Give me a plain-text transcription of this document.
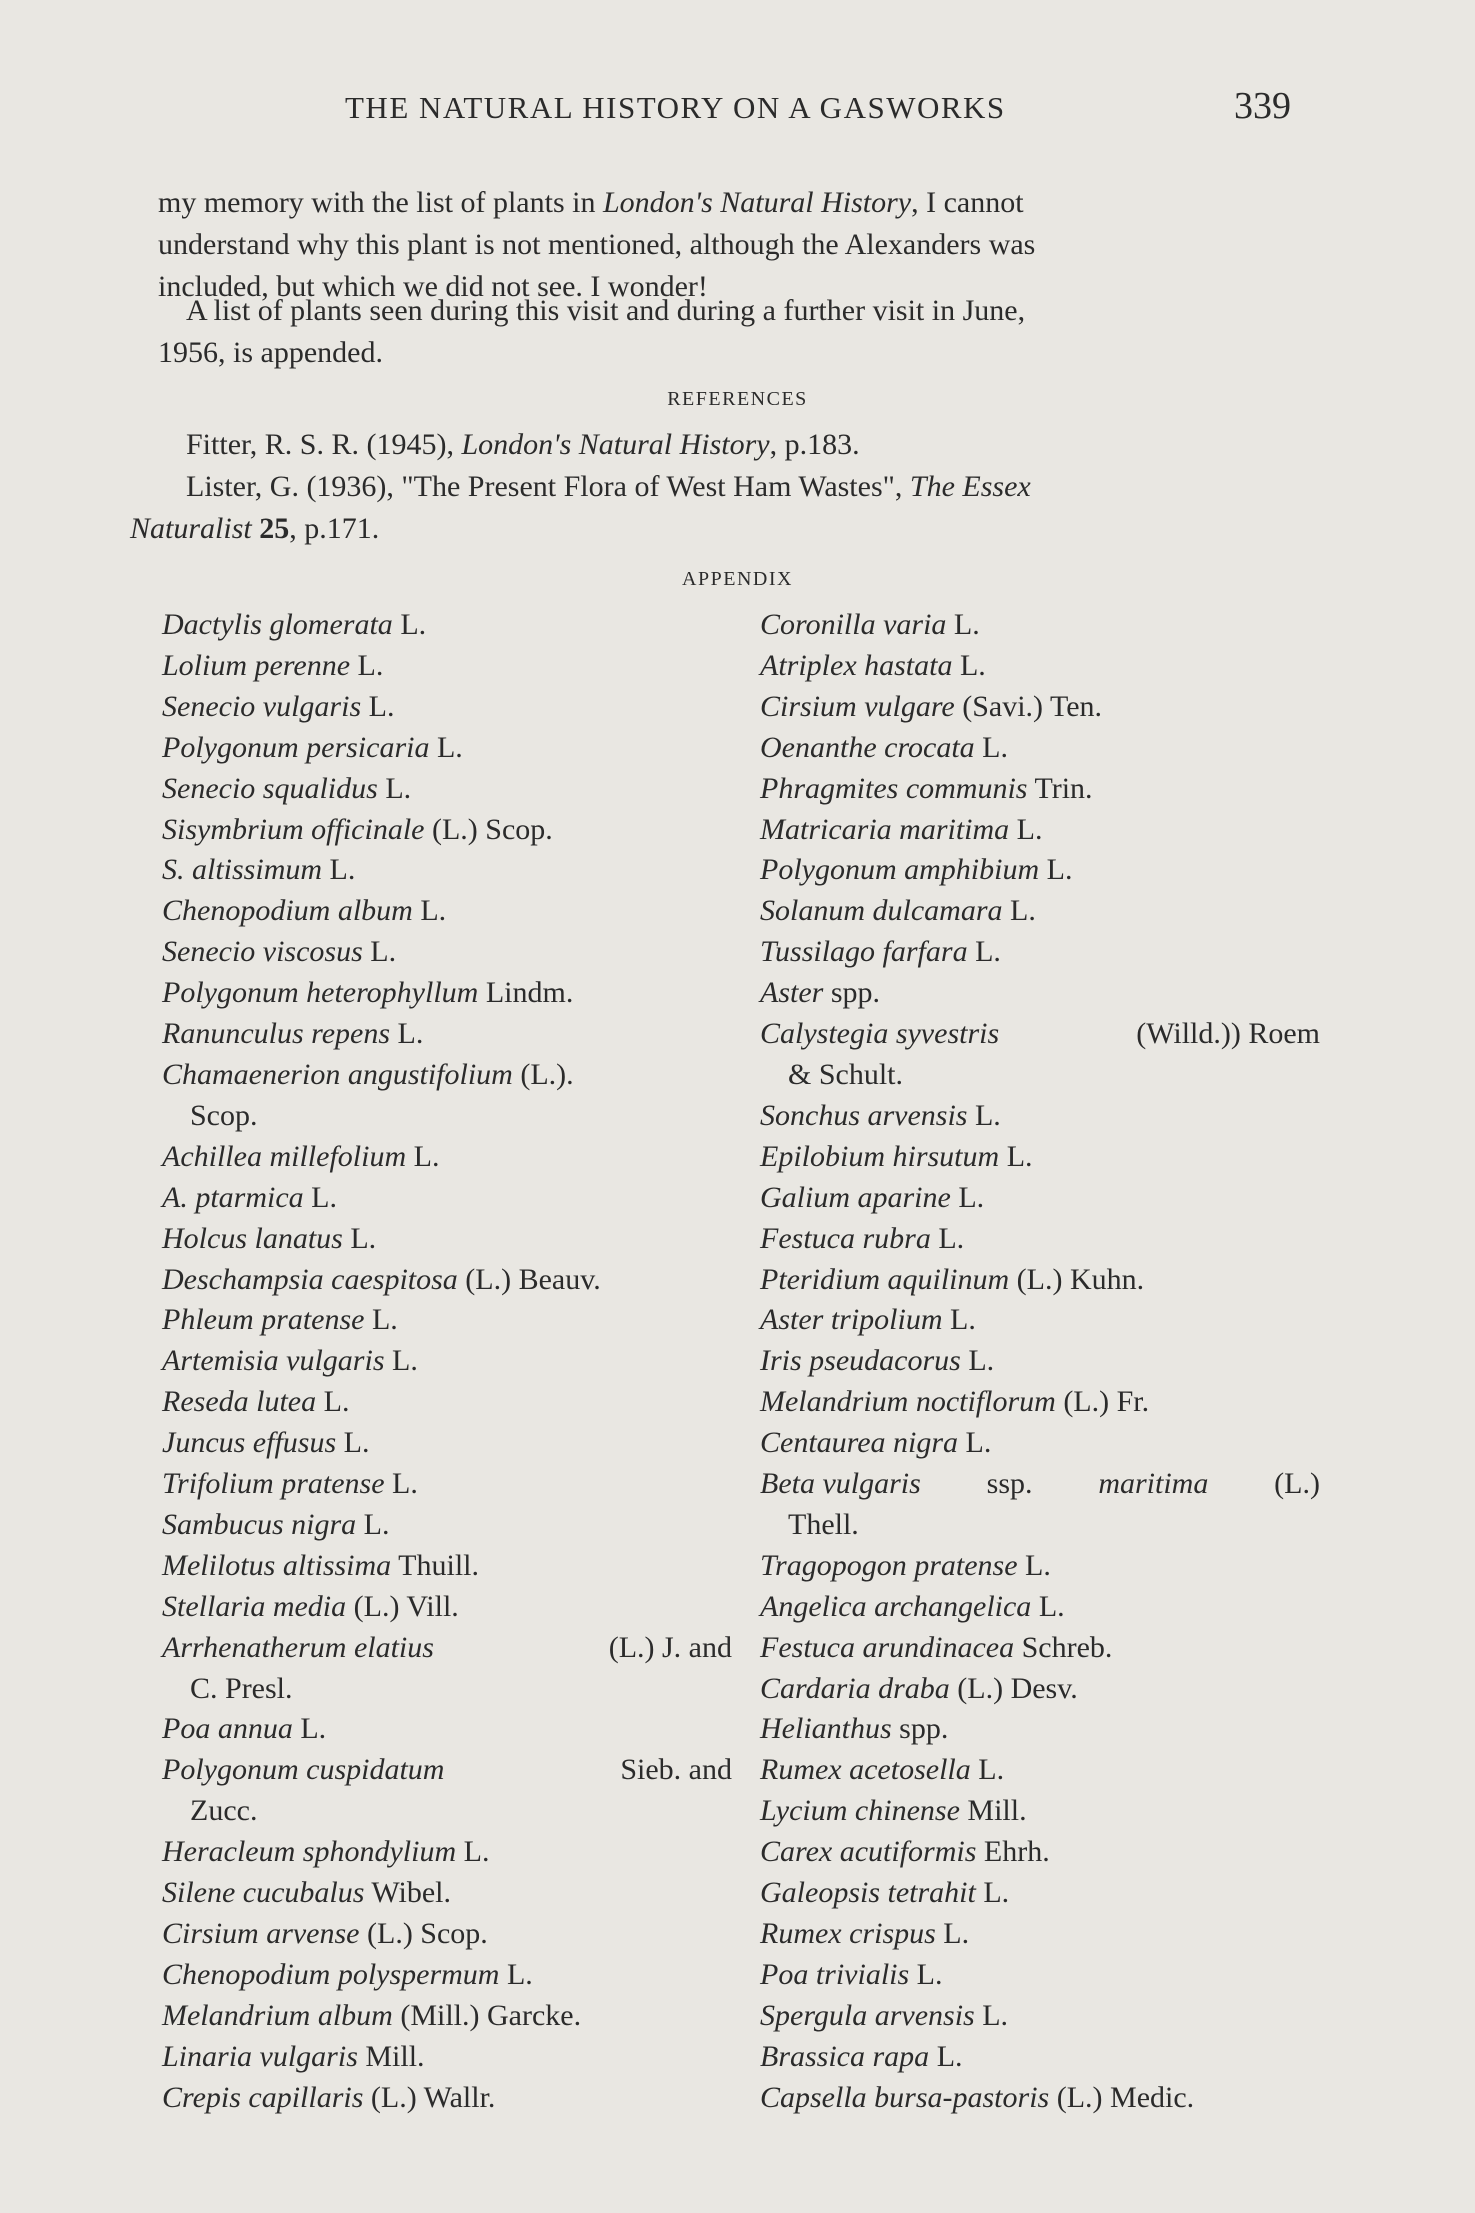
THE NATURAL HISTORY ON A GASWORKS	339
my memory with the list of plants in London's Natural History, I cannot
understand why this plant is not mentioned, although the Alexanders was
included, but which we did not see. I wonder!
A list of plants seen during this visit and during a further visit in June,
1956, is appended.
REFERENCES
Fitter, R. S. R. (1945), London's Natural History, p.183.
Lister, G. (1936), "The Present Flora of West Ham Wastes", The Essex
Naturalist 25, p.171.
APPENDIX
Dactylis glomerata L.
Lolium perenne L.
Senecio vulgaris L.
Polygonum persicaria L.
Senecio squalidus L.
Sisymbrium officinale (L.) Scop.
S. altissimum L.
Chenopodium album L.
Senecio viscosus L.
Polygonum heterophyllum Lindm.
Ranunculus repens L.
Chamaenerion angustifolium (L.).
Scop.
Achillea millefolium L.
A. ptarmica L.
Holcus lanatus L.
Deschampsia caespitosa (L.) Beauv.
Phleum pratense L.
Artemisia vulgaris L.
Reseda lutea L.
Juncus effusus L.
Trifolium pratense L.
Sambucus nigra L.
Melilotus altissima Thuill.
Stellaria media (L.) Vill.
Arrhenatherum elatius	(L.) J. and
C. Presl.
Poa annua L.
Polygonum cuspidatum	Sieb. and
Zucc.
Heracleum sphondylium L.
Silene cucubalus Wibel.
Cirsium arvense (L.) Scop.
Chenopodium polyspermum L.
Melandrium album (Mill.) Garcke.
Linaria vulgaris Mill.
Crepis capillaris (L.) Wallr.
Coronilla varia L.
Atriplex hastata L.
Cirsium vulgare (Savi.) Ten.
Oenanthe crocata L.
Phragmites communis Trin.
Matricaria maritima L.
Polygonum amphibium L.
Solanum dulcamara L.
Tussilago farfara L.
Aster spp.
Calystegia syvestris	(Willd.)) Roem
& Schult.
Sonchus arvensis L.
Epilobium hirsutum L.
Galium aparine L.
Festuca rubra L.
Pteridium aquilinum (L.) Kuhn.
Aster tripolium L.
Iris pseudacorus L.
Melandrium noctiflorum (L.) Fr.
Centaurea nigra L.
Beta vulgaris ssp. maritima (L.)
Thell.
Tragopogon pratense L.
Angelica archangelica L.
Festuca arundinacea Schreb.
Cardaria draba (L.) Desv.
Helianthus spp.
Rumex acetosella L.
Lycium chinense Mill.
Carex acutiformis Ehrh.
Galeopsis tetrahit L.
Rumex crispus L.
Poa trivialis L.
Spergula arvensis L.
Brassica rapa L.
Capsella bursa-pastoris (L.) Medic.
